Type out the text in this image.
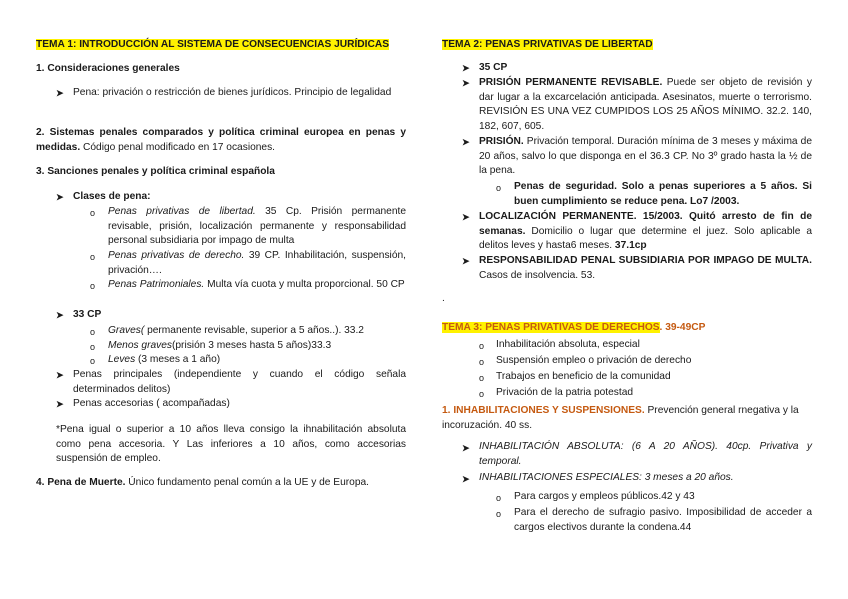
TEMA 1: INTRODUCCIÓN AL SISTEMA DE CONSECUENCIAS JURÍDICAS
1. Consideraciones generales
➤ Pena: privación o restricción de bienes jurídicos. Principio de legalidad
2. Sistemas penales comparados y política criminal europea en penas y medidas. Código penal modificado en 17 ocasiones.
3. Sanciones penales y política criminal española
➤ Clases de pena:
o Penas privativas de libertad. 35 Cp. Prisión permanente revisable, prisión, localización permanente y responsabilidad personal subsidiaria por impago de multa
o Penas privativas de derecho. 39 CP. Inhabilitación, suspensión, privación….
o Penas Patrimoniales. Multa vía cuota y multa proporcional. 50 CP
➤ 33 CP
o Graves( permanente revisable, superior a 5 años..). 33.2
o Menos graves(prisión 3 meses hasta 5 años)33.3
o Leves (3 meses a 1 año)
➤ Penas principales (independiente y cuando el código señala determinados delitos)
➤ Penas accesorias ( acompañadas)
*Pena igual o superior a 10 años lleva consigo la ihnabilitación absoluta como pena accesoria. Y Las inferiores a 10 años, como accesorias suspensión de empleo.
4. Pena de Muerte. Único fundamento penal común a la UE y de Europa.
TEMA 2: PENAS PRIVATIVAS DE LIBERTAD
➤ 35 CP
➤ PRISIÓN PERMANENTE REVISABLE. Puede ser objeto de revisión y dar lugar a la excarcelación anticipada. Asesinatos, muerte o terrorismo. REVISIÓN ES UNA VEZ CUMPIDOS LOS 25 AÑOS MÍNIMO. 32.2. 140, 182, 607, 605.
➤ PRISIÓN. Privación temporal. Duración mínima de 3 meses y máxima de 20 años, salvo lo que disponga en el 36.3 CP. No 3º grado hasta la ½ de la pena.
o Penas de seguridad. Solo a penas superiores a 5 años. Si buen cumplimiento se reduce pena. Lo7 /2003.
➤ LOCALIZACIÓN PERMANENTE. 15/2003. Quitó arresto de fin de semanas. Domicilio o lugar que determine el juez. Solo aplicable a delitos leves y hasta6 meses. 37.1cp
➤ RESPONSABILIDAD PENAL SUBSIDIARIA POR IMPAGO DE MULTA. Casos de insolvencia. 53.
.
TEMA 3: PENAS PRIVATIVAS DE DERECHOS. 39-49CP
o Inhabilitación absoluta, especial
o Suspensión empleo o privación de derecho
o Trabajos en beneficio de la comunidad
o Privación de la patria potestad
1. INHABILITACIONES Y SUSPENSIONES. Prevención general rnegativa y la incoruzación. 40 ss.
➤ INHABILITACIÓN ABSOLUTA: (6 A 20 AÑOS). 40cp. Privativa y temporal.
➤ INHABILITACIONES ESPECIALES: 3 meses a 20 años.
o Para cargos y empleos públicos.42 y 43
o Para el derecho de sufragio pasivo. Imposibilidad de acceder a cargos electivos durante la condena.44
